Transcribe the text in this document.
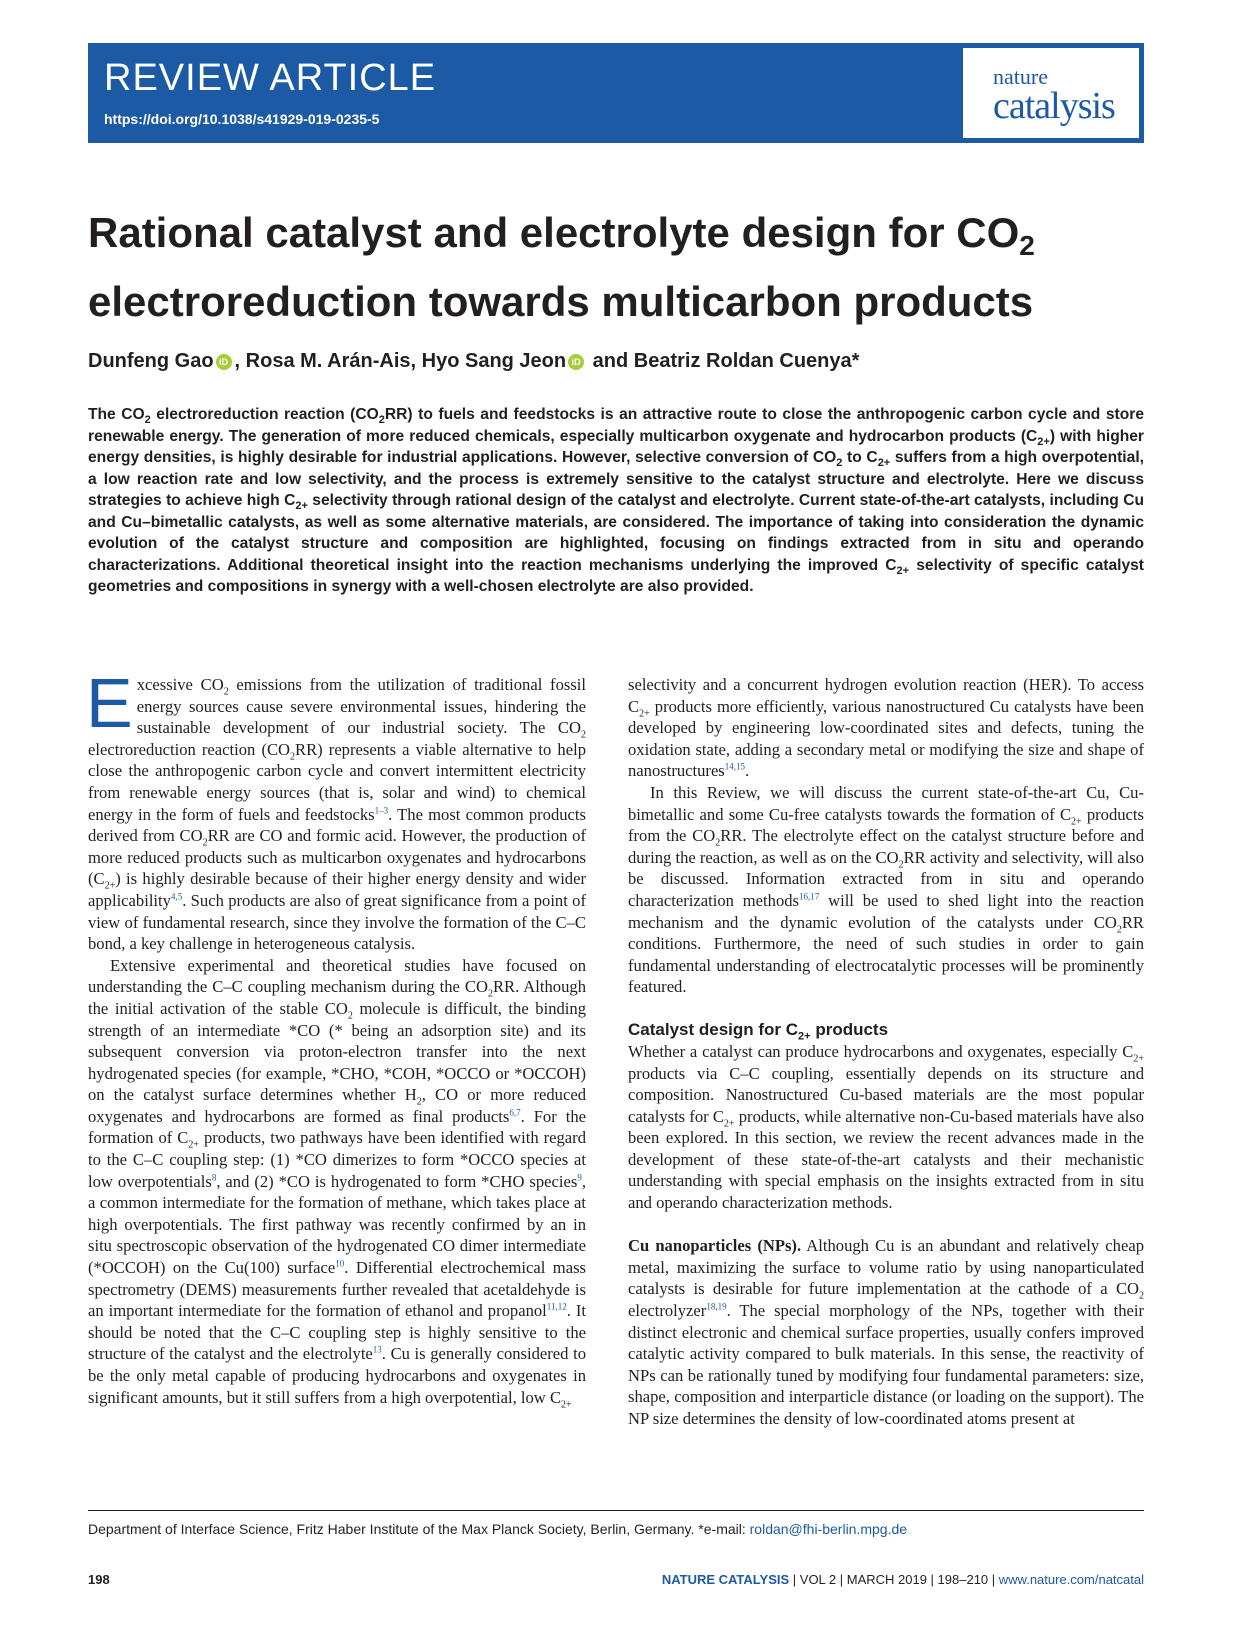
REVIEW ARTICLE
https://doi.org/10.1038/s41929-019-0235-5
nature
catalysis
Rational catalyst and electrolyte design for $CO_2$
electroreduction towards multicarbon products
Dunfeng Gao iD , Rosa M. Arán-Ais, Hyo Sang Jeon iD and Beatriz Roldan Cuenya*

The $CO_2$ electroreduction reaction $(CO_2RR)$ to fuels and feedstocks is an attractive route to close the anthropogenic carbon cycle and store renewable energy. The generation of more reduced chemicals, especially multicarbon oxygenate and hydrocarbon products $(C_{2+})$ with higher energy densities, is highly desirable for industrial applications. However, selective conversion of $CO_2$ to $C_{2+}$ suffers from a high overpotential, a low reaction rate and low selectivity, and the process is extremely sensitive to the catalyst structure and electrolyte. Here we discuss strategies to achieve high $C_{2+}$ selectivity through rational design of the catalyst and electrolyte. Current state-of-the-art catalysts, including Cu and Cu–bimetallic catalysts, as well as some alternative materials, are considered. The importance of taking into consideration the dynamic evolution of the catalyst structure and composition are highlighted, focusing on findings extracted from in situ and operando characterizations. Additional theoretical insight into the reaction mechanisms underlying the improved $C_{2+}$ selectivity of specific catalyst geometries and compositions in synergy with a well-chosen electrolyte are also provided.

Excessive $CO_2$ emissions from the utilization of traditional fossil energy sources cause severe environmental issues, hindering the sustainable development of our industrial society. The $CO_2$ electroreduction reaction $(CO_2RR)$ represents a viable alternative to help close the anthropogenic carbon cycle and convert intermittent electricity from renewable energy sources (that is, solar and wind) to chemical energy in the form of fuels and feedstocks$^{1-3}$. The most common products derived from $CO_2RR$ are CO and formic acid. However, the production of more reduced products such as multicarbon oxygenates and hydrocarbons $(C_{2+})$ is highly desirable because of their higher energy density and wider applicability$^{4,5}$. Such products are also of great significance from a point of view of fundamental research, since they involve the formation of the C–C bond, a key challenge in heterogeneous catalysis.

Extensive experimental and theoretical studies have focused on understanding the C–C coupling mechanism during the $CO_2RR$. Although the initial activation of the stable $CO_2$ molecule is difficult, the binding strength of an intermediate *CO (* being an adsorption site) and its subsequent conversion via proton-electron transfer into the next hydrogenated species (for example, *CHO, *COH, *OCCO or *OCCOH) on the catalyst surface determines whether $H_2$, CO or more reduced oxygenates and hydrocarbons are formed as final products$^{6,7}$. For the formation of $C_{2+}$ products, two pathways have been identified with regard to the C–C coupling step: (1) *CO dimerizes to form *OCCO species at low overpotentials$^8$, and (2) *CO is hydrogenated to form *CHO species$^9$, a common intermediate for the formation of methane, which takes place at high overpotentials. The first pathway was recently confirmed by an in situ spectroscopic observation of the hydrogenated CO dimer intermediate (*OCCOH) on the Cu(100) surface$^{10}$. Differential electrochemical mass spectrometry (DEMS) measurements further revealed that acetaldehyde is an important intermediate for the formation of ethanol and propanol$^{11,12}$. It should be noted that the C–C coupling step is highly sensitive to the structure of the catalyst and the electrolyte$^{13}$. Cu is generally considered to be the only metal capable of producing hydrocarbons and oxygenates in significant amounts, but it still suffers from a high overpotential, low $C_{2+}$

selectivity and a concurrent hydrogen evolution reaction (HER). To access $C_{2+}$ products more efficiently, various nanostructured Cu catalysts have been developed by engineering low-coordinated sites and defects, tuning the oxidation state, adding a secondary metal or modifying the size and shape of nanostructures$^{14,15}$.

In this Review, we will discuss the current state-of-the-art Cu, Cu-bimetallic and some Cu-free catalysts towards the formation of $C_{2+}$ products from the $CO_2RR$. The electrolyte effect on the catalyst structure before and during the reaction, as well as on the $CO_2RR$ activity and selectivity, will also be discussed. Information extracted from in situ and operando characterization methods$^{16,17}$ will be used to shed light into the reaction mechanism and the dynamic evolution of the catalysts under $CO_2RR$ conditions. Furthermore, the need of such studies in order to gain fundamental understanding of electrocatalytic processes will be prominently featured.

Catalyst design for $C_{2+}$ products

Whether a catalyst can produce hydrocarbons and oxygenates, especially $C_{2+}$ products via C–C coupling, essentially depends on its structure and composition. Nanostructured Cu-based materials are the most popular catalysts for $C_{2+}$ products, while alternative non-Cu-based materials have also been explored. In this section, we review the recent advances made in the development of these state-of-the-art catalysts and their mechanistic understanding with special emphasis on the insights extracted from in situ and operando characterization methods.

Cu nanoparticles (NPs). Although Cu is an abundant and relatively cheap metal, maximizing the surface to volume ratio by using nanoparticulated catalysts is desirable for future implementation at the cathode of a $CO_2$ electrolyzer$^{18,19}$. The special morphology of the NPs, together with their distinct electronic and chemical surface properties, usually confers improved catalytic activity compared to bulk materials. In this sense, the reactivity of NPs can be rationally tuned by modifying four fundamental parameters: size, shape, composition and interparticle distance (or loading on the support). The NP size determines the density of low-coordinated atoms present at

Department of Interface Science, Fritz Haber Institute of the Max Planck Society, Berlin, Germany. *e-mail: roldan@fhi-berlin.mpg.de
198	NATURE CATALYSIS | VOL 2 | MARCH 2019 | 198–210 | www.nature.com/natcatal
